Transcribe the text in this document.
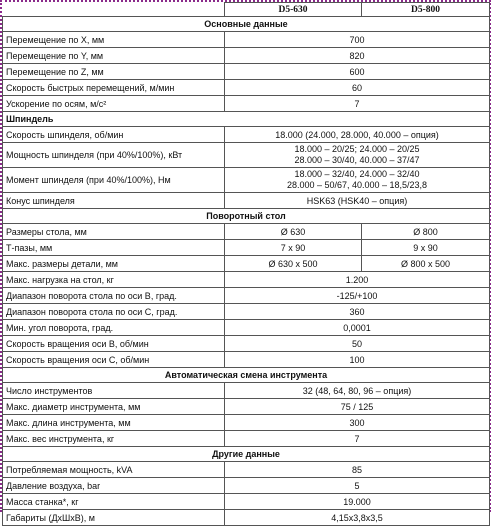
	D5-630	D5-800
Основные данные		
Перемещение по X, мм	700	
Перемещение по Y, мм	820	
Перемещение по Z, мм	600	
Скорость быстрых перемещений, м/мин	60	
Ускорение по осям, м/с²	7	
Шпиндель		
Скорость шпинделя, об/мин	18.000 (24.000, 28.000, 40.000 – опция)	
Мощность шпинделя (при 40%/100%), кВт	18.000 – 20/25; 24.000 – 20/25
28.000 – 30/40, 40.000 – 37/47	

Момент шпинделя (при 40%/100%), Нм	18.000 – 32/40, 24.000 – 32/40
28.000 – 50/67, 40.000 – 18,5/23,8	

Конус шпинделя	HSK63 (HSK40 – опция)	
Поворотный стол		
Размеры стола, мм	Ø 630	Ø 800
Т-пазы, мм	7 x 90	9 x 90
Макс. размеры детали, мм	Ø 630 x 500	Ø 800 x 500
Макс. нагрузка на стол, кг	1.200	
Диапазон поворота стола по оси B, град.	-125/+100	
Диапазон поворота стола по оси C, град.	360	
Мин. угол поворота, град.	0,0001	
Скорость вращения оси B, об/мин	50	
Скорость вращения оси C, об/мин	100	
Автоматическая смена инструмента		
Число инструментов	32 (48, 64, 80, 96 – опция)	
Макс. диаметр инструмента, мм	75 / 125	
Макс. длина инструмента, мм	300	
Макс. вес инструмента, кг	7	
Другие данные		
Потребляемая мощность, kVA	85	
Давление воздуха, bar	5	
Масса станка*, кг	19.000	
Габариты (ДхШхВ), м	4,15x3,8x3,5	
